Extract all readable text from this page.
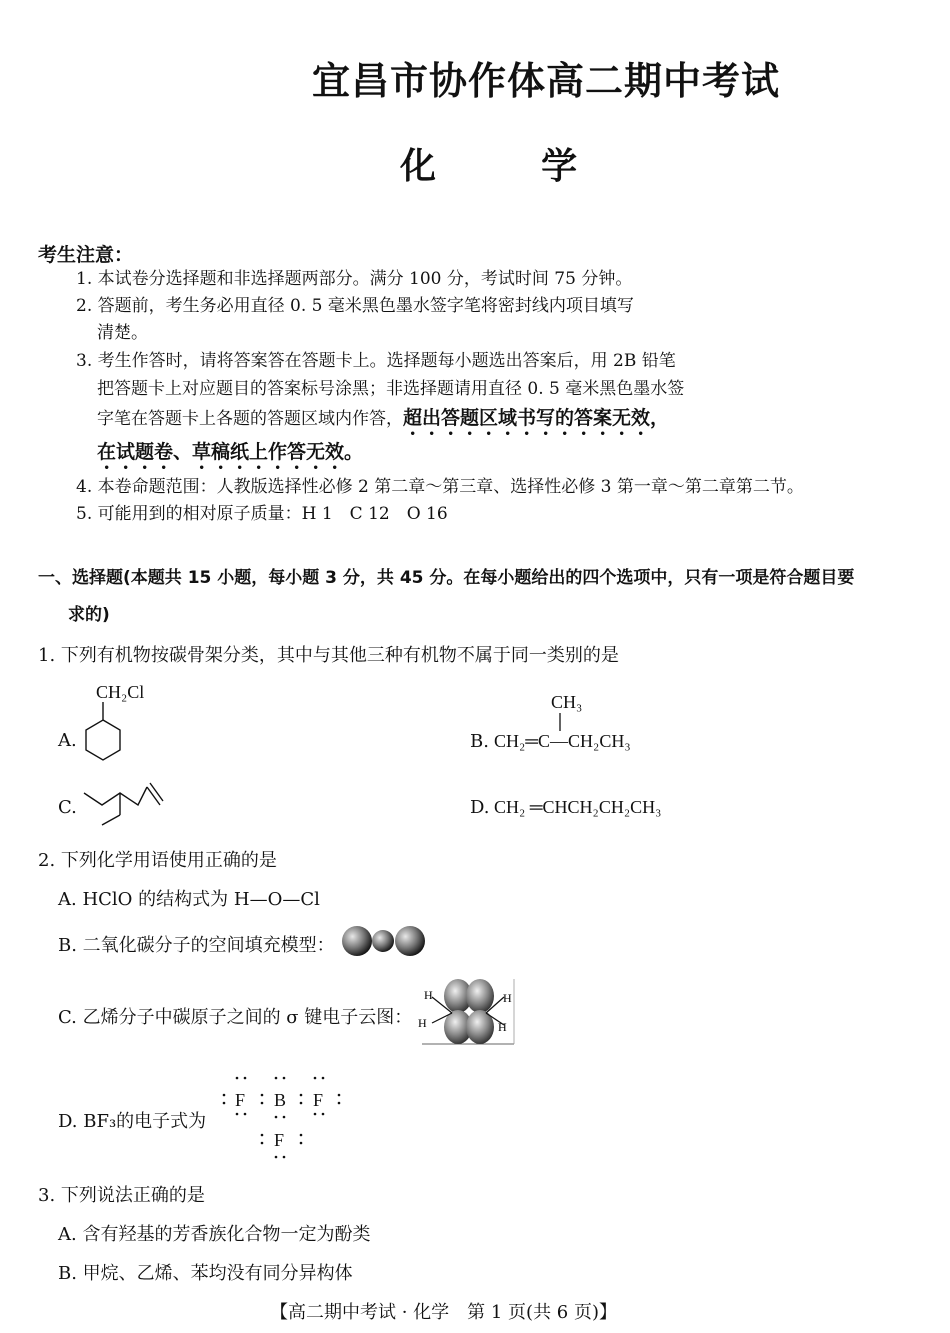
宜昌市协作体高二期中考试
化	学
考生注意：
1. 本试卷分选择题和非选择题两部分。满分 100 分，考试时间 75 分钟。
2. 答题前，考生务必用直径 0. 5 毫米黑色墨水签字笔将密封线内项目填写
清楚。
3. 考生作答时，请将答案答在答题卡上。选择题每小题选出答案后，用 2B 铅笔
把答题卡上对应题目的答案标号涂黑；非选择题请用直径 0. 5 毫米黑色墨水签
字笔在答题卡上各题的答题区域内作答，超出答题区域书写的答案无效，
在试题卷、草稿纸上作答无效。
4. 本卷命题范围：人教版选择性必修 2 第二章～第三章、选择性必修 3 第一章～第二章第二节。
5. 可能用到的相对原子质量：H 1　C 12　O 16
一、选择题(本题共 15 小题，每小题 3 分，共 45 分。在每小题给出的四个选项中，只有一项是符合题目要
求的)
1. 下列有机物按碳骨架分类，其中与其他三种有机物不属于同一类别的是
A.
CH₂Cl	CH₃
B. CH₂═C—CH₂CH₃
C.	D. CH₂ ═CHCH₂CH₂CH₃
2. 下列化学用语使用正确的是
A. HClO 的结构式为 H—O—Cl
B. 二氧化碳分子的空间填充模型：
C. 乙烯分子中碳原子之间的 σ 键电子云图：
H
H
H
H
D. BF₃的电子式为
F B F
F
3. 下列说法正确的是
A. 含有羟基的芳香族化合物一定为酚类
B. 甲烷、乙烯、苯均没有同分异构体
【高二期中考试 · 化学　第 1 页(共 6 页)】
